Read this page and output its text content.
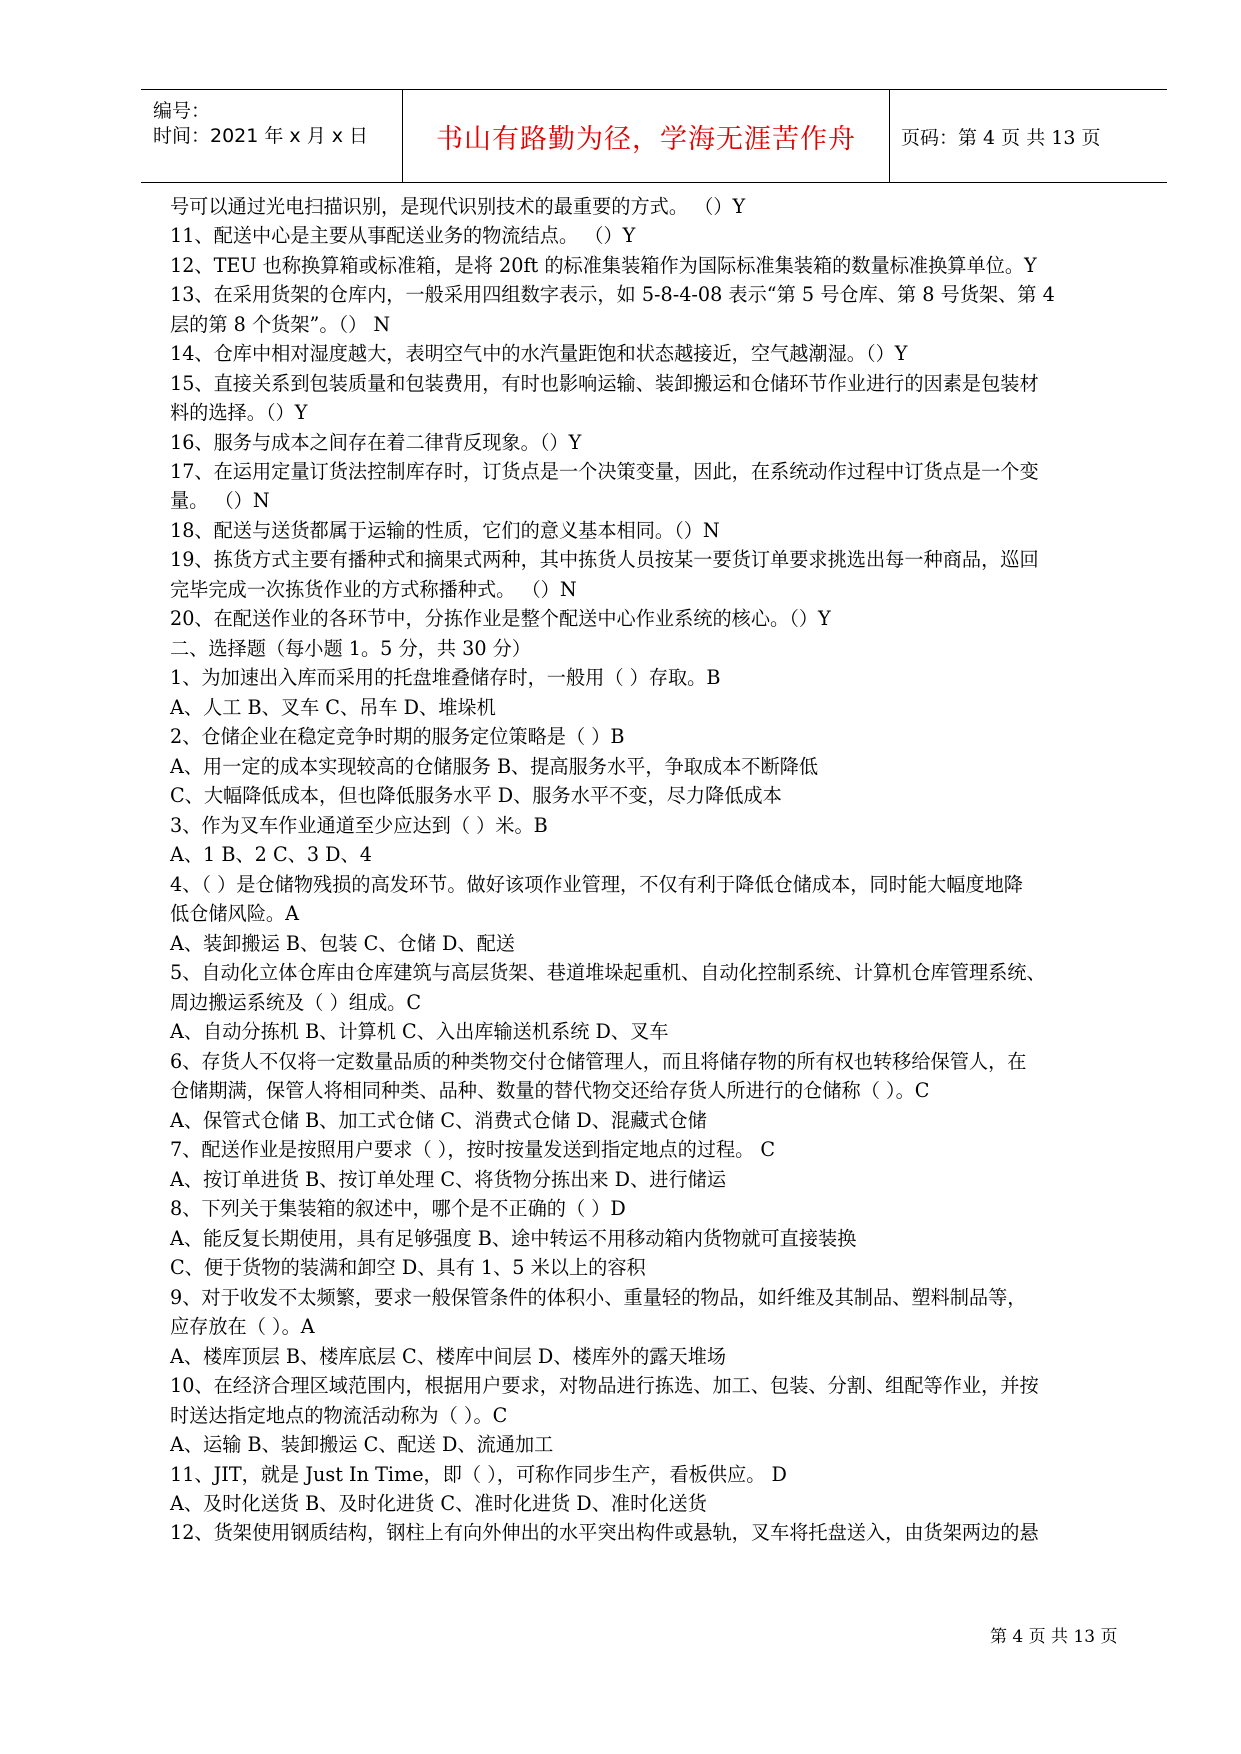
编号：
时间：2021 年 x 月 x 日	书山有路勤为径，学海无涯苦作舟 页码：第 4 页 共 13 页
号可以通过光电扫描识别，是现代识别技术的最重要的方式。 （）Y
11、配送中心是主要从事配送业务的物流结点。 （）Y
12、TEU 也称换算箱或标准箱，是将 20ft 的标准集装箱作为国际标准集装箱的数量标准换算单位。Y
13、在采用货架的仓库内，一般采用四组数字表示，如 5-8-4-08 表示“第 5 号仓库、第 8 号货架、第 4
层的第 8 个货架”。（） N
14、仓库中相对湿度越大，表明空气中的水汽量距饱和状态越接近，空气越潮湿。（）Y
15、直接关系到包装质量和包装费用，有时也影响运输、装卸搬运和仓储环节作业进行的因素是包装材
料的选择。（）Y
16、服务与成本之间存在着二律背反现象。（）Y
17、在运用定量订货法控制库存时，订货点是一个决策变量，因此，在系统动作过程中订货点是一个变
量。 （）N
18、配送与送货都属于运输的性质，它们的意义基本相同。（）N
19、拣货方式主要有播种式和摘果式两种，其中拣货人员按某一要货订单要求挑选出每一种商品，巡回
完毕完成一次拣货作业的方式称播种式。 （）N
20、在配送作业的各环节中，分拣作业是整个配送中心作业系统的核心。（）Y
二、选择题（每小题 1。5 分，共 30 分）
1、为加速出入库而采用的托盘堆叠储存时，一般用（ ）存取。B
A、人工 B、叉车 C、吊车 D、堆垛机
2、仓储企业在稳定竞争时期的服务定位策略是（ ）B
A、用一定的成本实现较高的仓储服务 B、提高服务水平，争取成本不断降低
C、大幅降低成本，但也降低服务水平 D、服务水平不变，尽力降低成本
3、作为叉车作业通道至少应达到（ ）米。B
A、1 B、2 C、3 D、4
4、（ ）是仓储物残损的高发环节。做好该项作业管理，不仅有利于降低仓储成本，同时能大幅度地降
低仓储风险。A
A、装卸搬运 B、包装 C、仓储 D、配送
5、自动化立体仓库由仓库建筑与高层货架、巷道堆垛起重机、自动化控制系统、计算机仓库管理系统、
周边搬运系统及（ ）组成。C
A、自动分拣机 B、计算机 C、入出库输送机系统 D、叉车
6、存货人不仅将一定数量品质的种类物交付仓储管理人，而且将储存物的所有权也转移给保管人，在
仓储期满，保管人将相同种类、品种、数量的替代物交还给存货人所进行的仓储称（ ）。C
A、保管式仓储 B、加工式仓储 C、消费式仓储 D、混藏式仓储
7、配送作业是按照用户要求（ ），按时按量发送到指定地点的过程。 C
A、按订单进货 B、按订单处理 C、将货物分拣出来 D、进行储运
8、下列关于集装箱的叙述中，哪个是不正确的（ ）D
A、能反复长期使用，具有足够强度 B、途中转运不用移动箱内货物就可直接装换
C、便于货物的装满和卸空 D、具有 1、5 米以上的容积
9、对于收发不太频繁，要求一般保管条件的体积小、重量轻的物品，如纤维及其制品、塑料制品等，
应存放在（ ）。A
A、楼库顶层 B、楼库底层 C、楼库中间层 D、楼库外的露天堆场
10、在经济合理区域范围内，根据用户要求，对物品进行拣选、加工、包装、分割、组配等作业，并按
时送达指定地点的物流活动称为（ ）。C
A、运输 B、装卸搬运 C、配送 D、流通加工
11、JIT，就是 Just In Time，即（ ），可称作同步生产，看板供应。 D
A、及时化送货 B、及时化进货 C、准时化进货 D、准时化送货
12、货架使用钢质结构，钢柱上有向外伸出的水平突出构件或悬轨，叉车将托盘送入，由货架两边的悬
第 4 页 共 13 页
